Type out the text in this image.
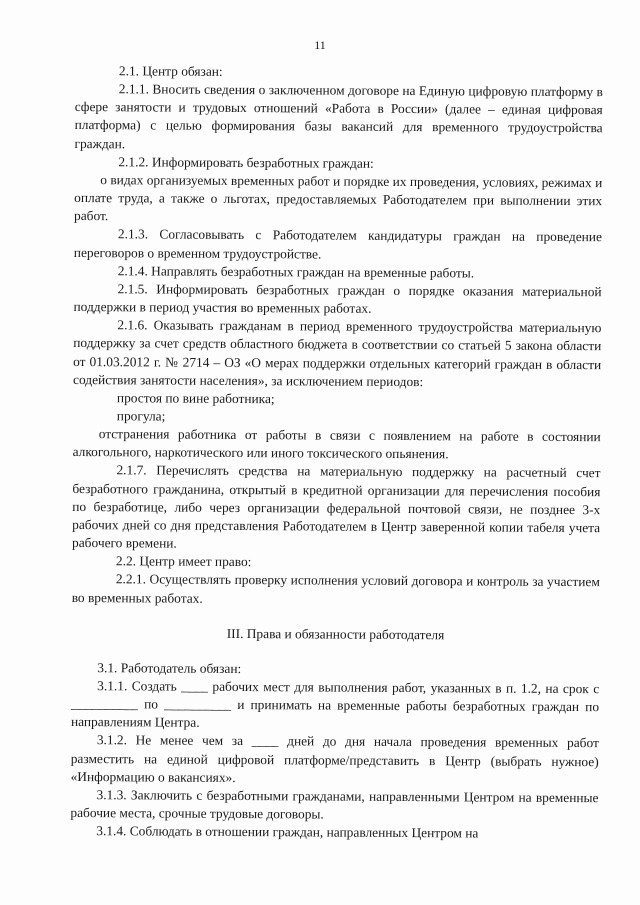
11

2.1. Центр обязан:

2.1.1. Вносить сведения о заключенном договоре на Единую цифровую платформу в сфере занятости и трудовых отношений «Работа в России» (далее – единая цифровая платформа) с целью формирования базы вакансий для временного трудоустройства граждан.

2.1.2. Информировать безработных граждан:

о видах организуемых временных работ и порядке их проведения, условиях, режимах и оплате труда, а также о льготах, предоставляемых Работодателем при выполнении этих работ.

2.1.3. Согласовывать с Работодателем кандидатуры граждан на проведение переговоров о временном трудоустройстве.

2.1.4. Направлять безработных граждан на временные работы.

2.1.5. Информировать безработных граждан о порядке оказания материальной поддержки в период участия во временных работах.

2.1.6. Оказывать гражданам в период временного трудоустройства материальную поддержку за счет средств областного бюджета в соответствии со статьей 5 закона области от 01.03.2012 г. № 2714 – ОЗ «О мерах поддержки отдельных категорий граждан в области содействия занятости населения», за исключением периодов:

простоя по вине работника;

прогула;

отстранения работника от работы в связи с появлением на работе в состоянии алкогольного, наркотического или иного токсического опьянения.

2.1.7. Перечислять средства на материальную поддержку на расчетный счет безработного гражданина, открытый в кредитной организации для перечисления пособия по безработице, либо через организации федеральной почтовой связи, не позднее 3-х рабочих дней со дня представления Работодателем в Центр заверенной копии табеля учета рабочего времени.

2.2. Центр имеет право:

2.2.1. Осуществлять проверку исполнения условий договора и контроль за участием во временных работах.

III. Права и обязанности работодателя

3.1. Работодатель обязан:

3.1.1. Создать ____ рабочих мест для выполнения работ, указанных в п. 1.2, на срок с __________ по __________ и принимать на временные работы безработных граждан по направлениям Центра.

3.1.2. Не менее чем за ____ дней до дня начала проведения временных работ разместить на единой цифровой платформе/представить в Центр (выбрать нужное) «Информацию о вакансиях».

3.1.3. Заключить с безработными гражданами, направленными Центром на временные рабочие места, срочные трудовые договоры.

3.1.4. Соблюдать в отношении граждан, направленных Центром на
